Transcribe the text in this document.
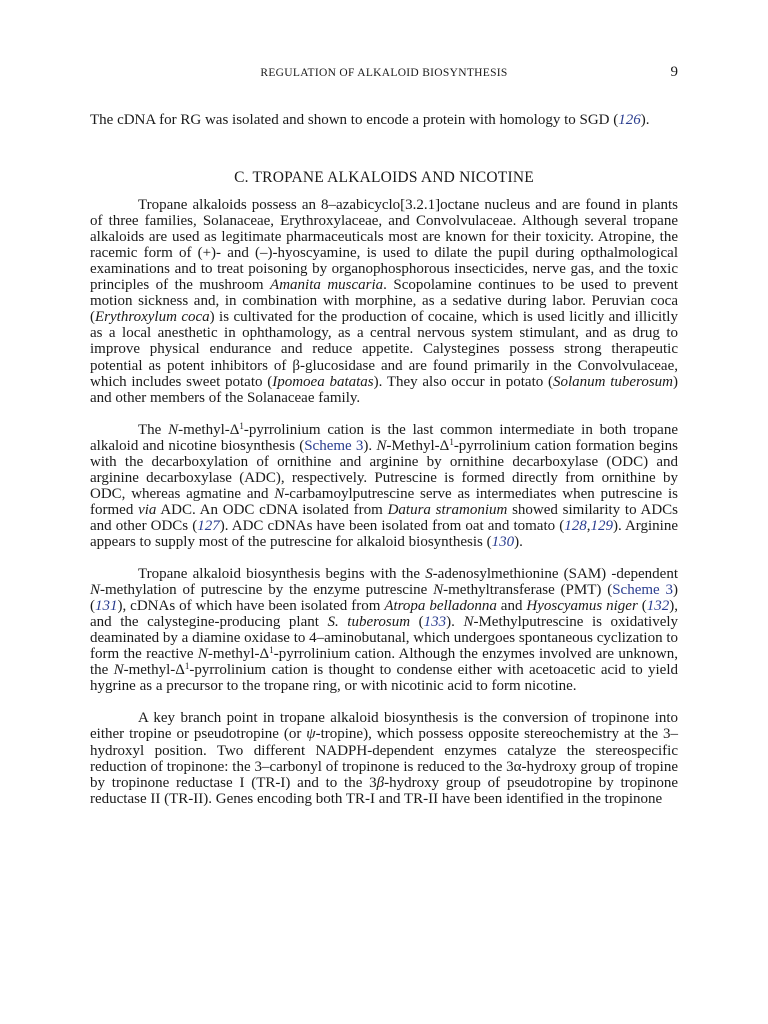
REGULATION OF ALKALOID BIOSYNTHESIS	9

The cDNA for RG was isolated and shown to encode a protein with homology to SGD (126).

C. TROPANE ALKALOIDS AND NICOTINE

Tropane alkaloids possess an 8–azabicyclo[3.2.1]octane nucleus and are found in plants of three families, Solanaceae, Erythroxylaceae, and Convolvulaceae. Although several tropane alkaloids are used as legitimate pharmaceuticals most are known for their toxicity. Atropine, the racemic form of (+)- and (–)-hyoscyamine, is used to dilate the pupil during opthalmological examinations and to treat poisoning by organophosphorous insecticides, nerve gas, and the toxic principles of the mushroom Amanita muscaria. Scopolamine continues to be used to prevent motion sickness and, in combination with morphine, as a sedative during labor. Peruvian coca (Erythroxylum coca) is cultivated for the production of cocaine, which is used licitly and illicitly as a local anesthetic in ophthamology, as a central nervous system stimulant, and as drug to improve physical endurance and reduce appetite. Calystegines possess strong therapeutic potential as potent inhibitors of β-glucosidase and are found primarily in the Convolvulaceae, which includes sweet potato (Ipomoea batatas). They also occur in potato (Solanum tuberosum) and other members of the Solanaceae family.

The $N-methyl-\Delta^1$-pyrrolinium cation is the last common intermediate in both tropane alkaloid and nicotine biosynthesis (Scheme 3). $N-Methyl-\Delta^1$-pyrrolinium cation formation begins with the decarboxylation of ornithine and arginine by ornithine decarboxylase (ODC) and arginine decarboxylase (ADC), respectively. Putrescine is formed directly from ornithine by ODC, whereas agmatine and N-carbamoylputrescine serve as intermediates when putrescine is formed via ADC. An ODC cDNA isolated from Datura stramonium showed similarity to ADCs and other ODCs (127). ADC cDNAs have been isolated from oat and tomato (128,129). Arginine appears to supply most of the putrescine for alkaloid biosynthesis (130).

Tropane alkaloid biosynthesis begins with the S-adenosylmethionine (SAM) -dependent N-methylation of putrescine by the enzyme putrescine N-methyltransferase (PMT) (Scheme 3) (131), cDNAs of which have been isolated from Atropa belladonna and Hyoscyamus niger (132), and the calystegine-producing plant S. tuberosum (133). N-Methylputrescine is oxidatively deaminated by a diamine oxidase to 4–aminobutanal, which undergoes spontaneous cyclization to form the reactive $N-methyl-\Delta^1$-pyrrolinium cation. Although the enzymes involved are unknown, the $N-methyl-\Delta^1$-pyrrolinium cation is thought to condense either with acetoacetic acid to yield hygrine as a precursor to the tropane ring, or with nicotinic acid to form nicotine.

A key branch point in tropane alkaloid biosynthesis is the conversion of tropinone into either tropine or pseudotropine (or ψ-tropine), which possess opposite stereochemistry at the 3–hydroxyl position. Two different NADPH-dependent enzymes catalyze the stereospecific reduction of tropinone: the 3–carbonyl of tropinone is reduced to the 3α-hydroxy group of tropine by tropinone reductase I (TR-I) and to the 3β-hydroxy group of pseudotropine by tropinone reductase II (TR-II). Genes encoding both TR-I and TR-II have been identified in the tropinone
